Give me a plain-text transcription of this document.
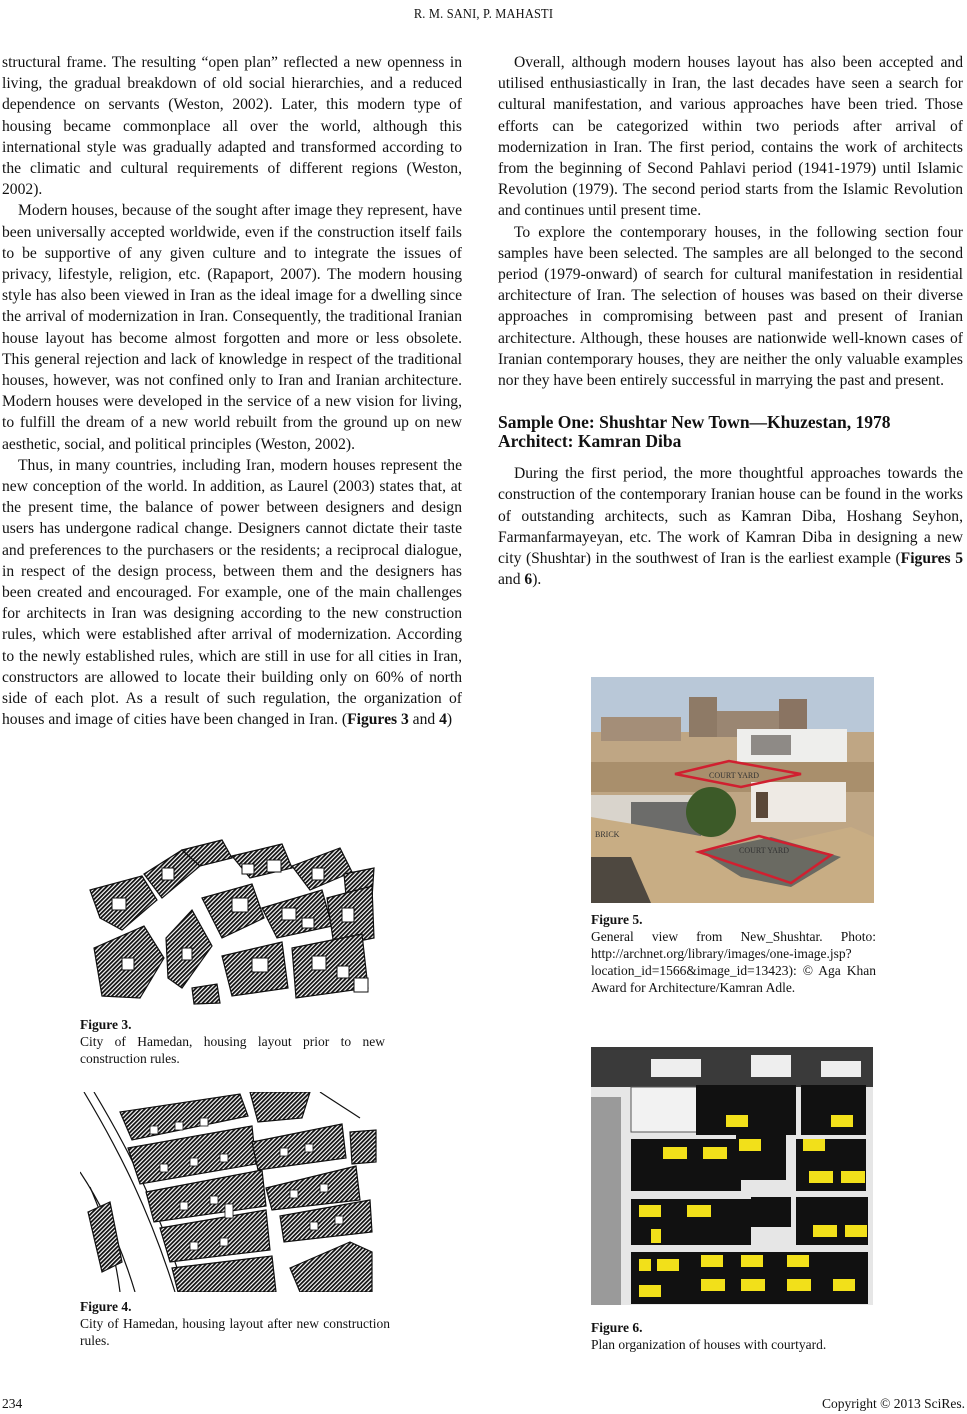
R. M. SANI, P. MAHASTI

structural frame. The resulting “open plan” reflected a new openness in living, the gradual breakdown of old social hierarchies, and a reduced dependence on servants (Weston, 2002). Later, this modern type of housing became commonplace all over the world, although this international style was gradually adapted and transformed according to the climatic and cultural requirements of different regions (Weston, 2002).

Modern houses, because of the sought after image they represent, have been universally accepted worldwide, even if the construction itself fails to be supportive of any given culture and to integrate the issues of privacy, lifestyle, religion, etc. (Rapaport, 2007). The modern housing style has also been viewed in Iran as the ideal image for a dwelling since the arrival of modernization in Iran. Consequently, the traditional Iranian house layout has become almost forgotten and more or less obsolete. This general rejection and lack of knowledge in respect of the traditional houses, however, was not confined only to Iran and Iranian architecture. Modern houses were developed in the service of a new vision for living, to fulfill the dream of a new world rebuilt from the ground up on new aesthetic, social, and political principles (Weston, 2002).

Thus, in many countries, including Iran, modern houses represent the new conception of the world. In addition, as Laurel (2003) states that, at the present time, the balance of power between designers and design users has undergone radical change. Designers cannot dictate their taste and preferences to the purchasers or the residents; a reciprocal dialogue, in respect of the design process, between them and the designers has been created and encouraged. For example, one of the main challenges for architects in Iran was designing according to the new construction rules, which were established after arrival of modernization. According to the newly established rules, which are still in use for all cities in Iran, constructors are allowed to locate their building only on 60% of north side of each plot. As a result of such regulation, the organization of houses and image of cities have been changed in Iran. (Figures 3 and 4)

Overall, although modern houses layout has also been accepted and utilised enthusiastically in Iran, the last decades have seen a search for cultural manifestation, and various approaches have been tried. Those efforts can be categorized within two periods after arrival of modernization in Iran. The first period, contains the work of architects from the beginning of Second Pahlavi period (1941-1979) until Islamic Revolution (1979). The second period starts from the Islamic Revolution and continues until present time.

To explore the contemporary houses, in the following section four samples have been selected. The samples are all belonged to the second period (1979-onward) of search for cultural manifestation in residential architecture of Iran. The selection of houses was based on their diverse approaches in compromising between past and present of Iranian architecture. Although, these houses are nationwide well-known cases of Iranian contemporary houses, they are neither the only valuable examples nor they have been entirely successful in marrying the past and present.

Sample One: Shushtar New Town—Khuzestan, 1978
Architect: Kamran Diba

During the first period, the more thoughtful approaches towards the construction of the contemporary Iranian house can be found in the works of outstanding architects, such as Kamran Diba, Hoshang Seyhon, Farmanfarmayeyan, etc. The work of Kamran Diba in designing a new city (Shushtar) in the southwest of Iran is the earliest example (Figures 5 and 6).

Figure 3.
City of Hamedan, housing layout prior to new construction rules.
Figure 4.
City of Hamedan, housing layout after new construction rules.
COURT YARD
COURT YARD
BRICK
Figure 5.
General view from New_Shushtar. Photo: http://archnet.org/library/images/one-image.jsp?location_id=1566&image_id=13423): © Aga Khan Award for Architecture/Kamran Adle.
Figure 6.
Plan organization of houses with courtyard.
234	Copyright © 2013 SciRes.
